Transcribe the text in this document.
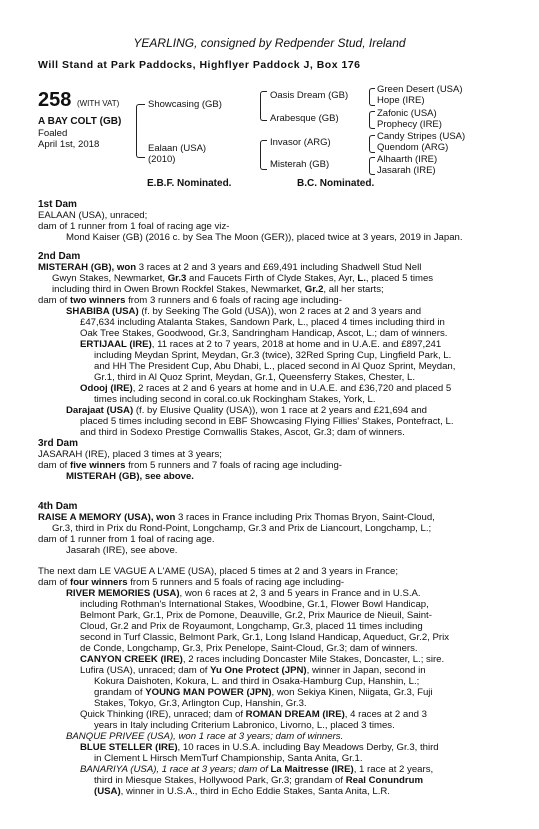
YEARLING, consigned by Redpender Stud, Ireland
Will Stand at Park Paddocks, Highflyer Paddock J, Box 176
258 (WITH VAT)
A BAY COLT (GB)
Foaled
April 1st, 2018
Showcasing (GB)
Ealaan (USA)
(2010)
Oasis Dream (GB)
Arabesque (GB)
Invasor (ARG)
Misterah (GB)
Green Desert (USA)
Hope (IRE)
Zafonic (USA)
Prophecy (IRE)
Candy Stripes (USA)
Quendom (ARG)
Alhaarth (IRE)
Jasarah (IRE)
E.B.F. Nominated.	B.C. Nominated.
1st Dam
EALAAN (USA), unraced;
dam of 1 runner from 1 foal of racing age viz-
Mond Kaiser (GB) (2016 c. by Sea The Moon (GER)), placed twice at 3 years, 2019 in Japan.
2nd Dam
MISTERAH (GB), won 3 races at 2 and 3 years and £69,491 including Shadwell Stud Nell
Gwyn Stakes, Newmarket, Gr.3 and Faucets Firth of Clyde Stakes, Ayr, L., placed 5 times
including third in Owen Brown Rockfel Stakes, Newmarket, Gr.2, all her starts;
dam of two winners from 3 runners and 6 foals of racing age including-
SHABIBA (USA) (f. by Seeking The Gold (USA)), won 2 races at 2 and 3 years and
£47,634 including Atalanta Stakes, Sandown Park, L., placed 4 times including third in
Oak Tree Stakes, Goodwood, Gr.3, Sandringham Handicap, Ascot, L.; dam of winners.
ERTIJAAL (IRE), 11 races at 2 to 7 years, 2018 at home and in U.A.E. and £897,241
including Meydan Sprint, Meydan, Gr.3 (twice), 32Red Spring Cup, Lingfield Park, L.
and HH The President Cup, Abu Dhabi, L., placed second in Al Quoz Sprint, Meydan,
Gr.1, third in Al Quoz Sprint, Meydan, Gr.1, Queensferry Stakes, Chester, L.
Odooj (IRE), 2 races at 2 and 6 years at home and in U.A.E. and £36,720 and placed 5
times including second in coral.co.uk Rockingham Stakes, York, L.
Darajaat (USA) (f. by Elusive Quality (USA)), won 1 race at 2 years and £21,694 and
placed 5 times including second in EBF Showcasing Flying Fillies' Stakes, Pontefract, L.
and third in Sodexo Prestige Cornwallis Stakes, Ascot, Gr.3; dam of winners.
3rd Dam
JASARAH (IRE), placed 3 times at 3 years;
dam of five winners from 5 runners and 7 foals of racing age including-
MISTERAH (GB), see above.
4th Dam
RAISE A MEMORY (USA), won 3 races in France including Prix Thomas Bryon, Saint-Cloud,
Gr.3, third in Prix du Rond-Point, Longchamp, Gr.3 and Prix de Liancourt, Longchamp, L.;
dam of 1 runner from 1 foal of racing age.
Jasarah (IRE), see above.
The next dam LE VAGUE A L'AME (USA), placed 5 times at 2 and 3 years in France;
dam of four winners from 5 runners and 5 foals of racing age including-
RIVER MEMORIES (USA), won 6 races at 2, 3 and 5 years in France and in U.S.A.
including Rothman's International Stakes, Woodbine, Gr.1, Flower Bowl Handicap,
Belmont Park, Gr.1, Prix de Pomone, Deauville, Gr.2, Prix Maurice de Nieuil, Saint-
Cloud, Gr.2 and Prix de Royaumont, Longchamp, Gr.3, placed 11 times including
second in Turf Classic, Belmont Park, Gr.1, Long Island Handicap, Aqueduct, Gr.2, Prix
de Conde, Longchamp, Gr.3, Prix Penelope, Saint-Cloud, Gr.3; dam of winners.
CANYON CREEK (IRE), 2 races including Doncaster Mile Stakes, Doncaster, L.; sire.
Lufira (USA), unraced; dam of Yu One Protect (JPN), winner in Japan, second in
Kokura Daishoten, Kokura, L. and third in Osaka-Hamburg Cup, Hanshin, L.;
grandam of YOUNG MAN POWER (JPN), won Sekiya Kinen, Niigata, Gr.3, Fuji
Stakes, Tokyo, Gr.3, Arlington Cup, Hanshin, Gr.3.
Quick Thinking (IRE), unraced; dam of ROMAN DREAM (IRE), 4 races at 2 and 3
years in Italy including Criterium Labronico, Livorno, L., placed 3 times.
BANQUE PRIVEE (USA), won 1 race at 3 years; dam of winners.
BLUE STELLER (IRE), 10 races in U.S.A. including Bay Meadows Derby, Gr.3, third
in Clement L Hirsch MemTurf Championship, Santa Anita, Gr.1.
BANARIYA (USA), 1 race at 3 years; dam of La Maitresse (IRE), 1 race at 2 years,
third in Miesque Stakes, Hollywood Park, Gr.3; grandam of Real Conundrum
(USA), winner in U.S.A., third in Echo Eddie Stakes, Santa Anita, L.R.
